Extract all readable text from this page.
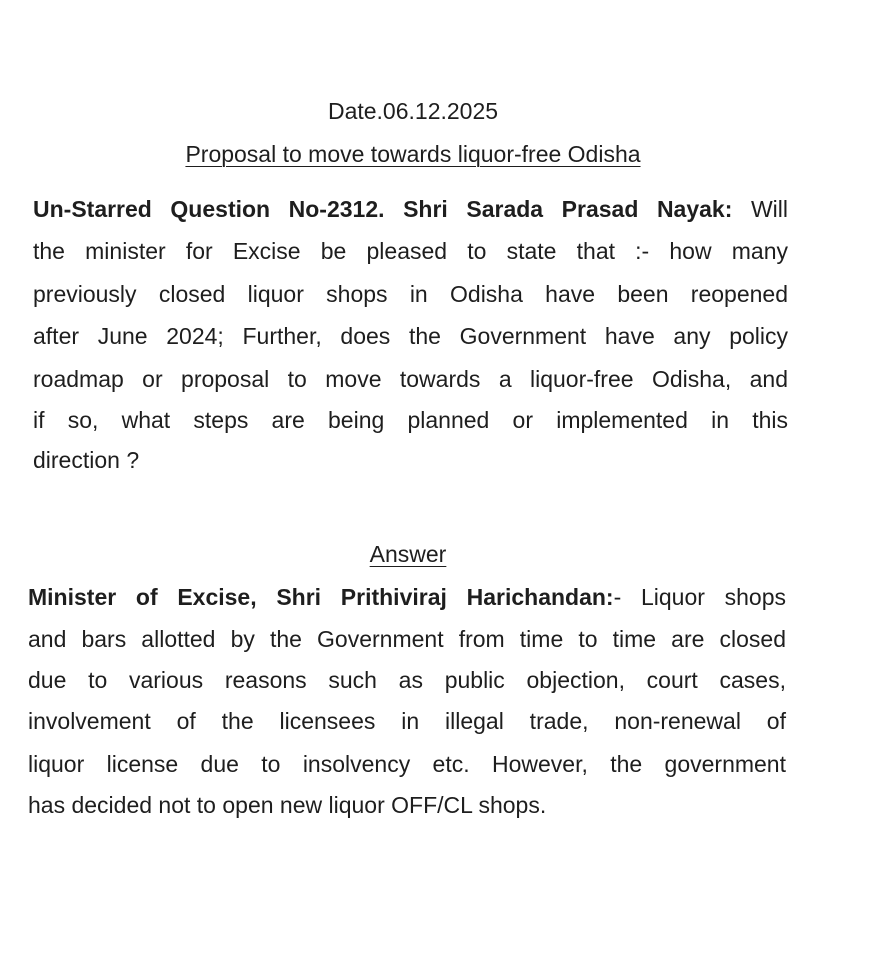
Date.06.12.2025
Proposal to move towards liquor-free Odisha
Un-Starred Question No-2312. Shri Sarada Prasad Nayak: Will
the minister for Excise be pleased to state that :- how many
previously closed liquor shops in Odisha have been reopened
after June 2024; Further, does the Government have any policy
roadmap or proposal to move towards a liquor-free Odisha, and
if so, what steps are being planned or implemented in this
direction ?
Answer
Minister of Excise, Shri Prithiviraj Harichandan:- Liquor shops
and bars allotted by the Government from time to time are closed
due to various reasons such as public objection, court cases,
involvement of the licensees in illegal trade, non-renewal of
liquor license due to insolvency etc. However, the government
has decided not to open new liquor OFF/CL shops.
